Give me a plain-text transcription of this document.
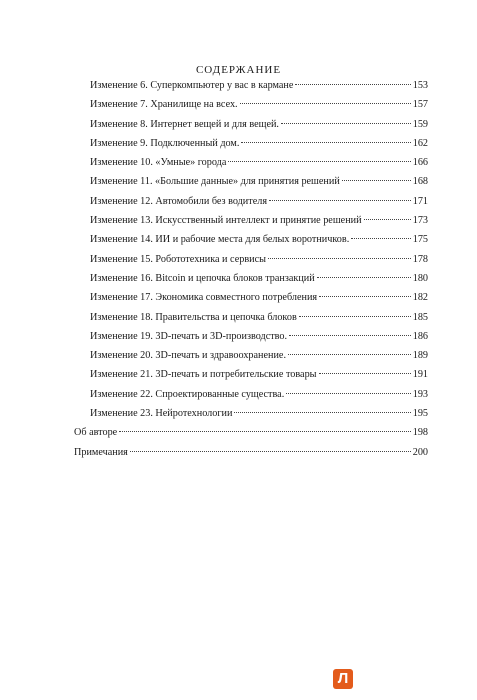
СОДЕРЖАНИЕ
Изменение 6. Суперкомпьютер у вас в кармане	153
Изменение 7. Хранилище на всех.	157
Изменение 8. Интернет вещей и для вещей.	159
Изменение 9. Подключенный дом.	162
Изменение 10. «Умные» города	166
Изменение 11. «Большие данные» для принятия решений	168
Изменение 12. Автомобили без водителя	171
Изменение 13. Искусственный интеллект и принятие решений	173
Изменение 14. ИИ и рабочие места для белых воротничков.	175
Изменение 15. Робототехника и сервисы	178
Изменение 16. Bitcoin и цепочка блоков транзакций	180
Изменение 17. Экономика совместного потребления	182
Изменение 18. Правительства и цепочка блоков	185
Изменение 19. 3D-печать и 3D-производство.	186
Изменение 20. 3D-печать и здравоохранение.	189
Изменение 21. 3D-печать и потребительские товары	191
Изменение 22. Спроектированные существа.	193
Изменение 23. Нейротехнологии	195
Об авторе	198
Примечания	200
Л
